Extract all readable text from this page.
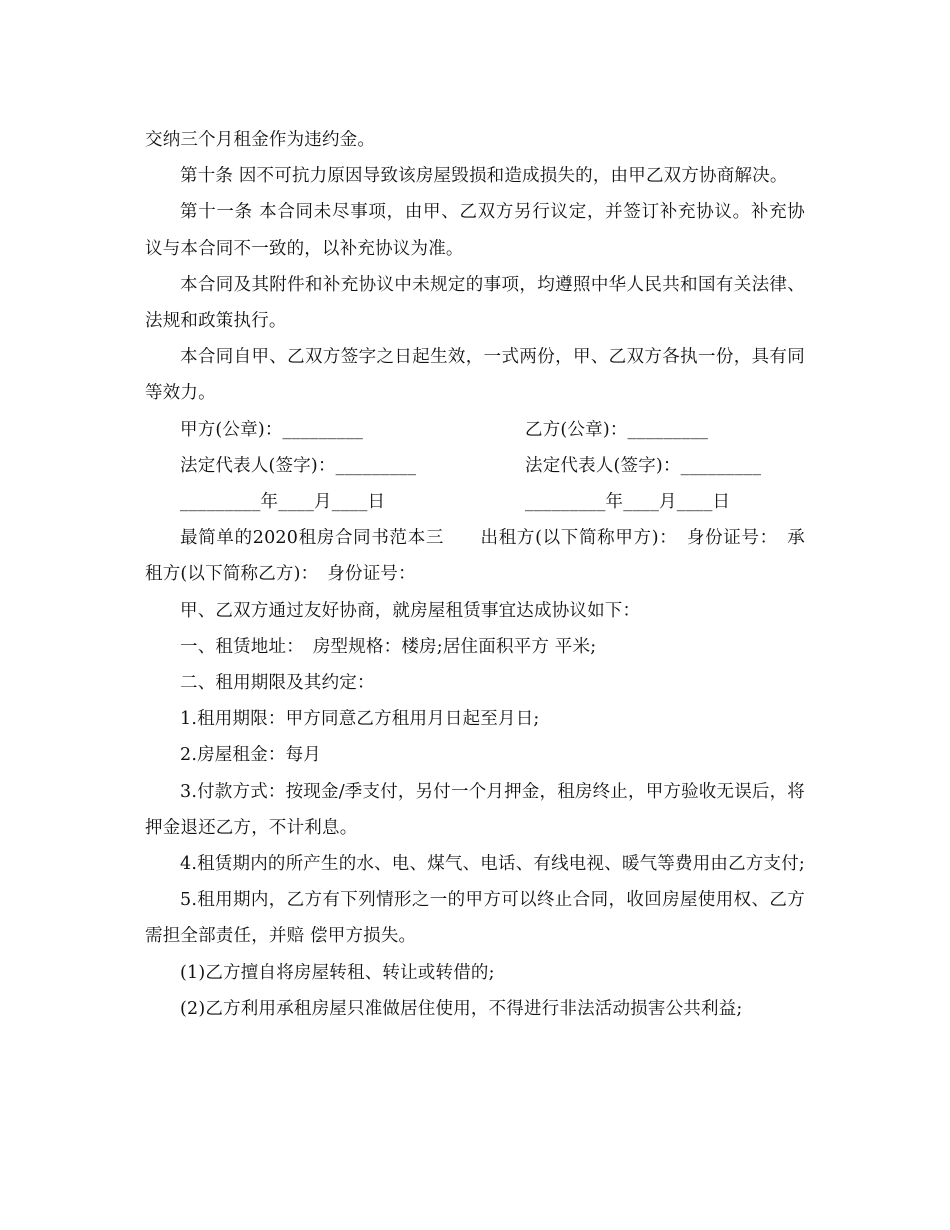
交纳三个月租金作为违约金。

第十条 因不可抗力原因导致该房屋毁损和造成损失的，由甲乙双方协商解决。

第十一条 本合同未尽事项，由甲、乙双方另行议定，并签订补充协议。补充协议与本合同不一致的，以补充协议为准。

本合同及其附件和补充协议中未规定的事项，均遵照中华人民共和国有关法律、法规和政策执行。

本合同自甲、乙双方签字之日起生效，一式两份，甲、乙双方各执一份，具有同等效力。

甲方(公章)：_________	乙方(公章)：_________
法定代表人(签字)：_________	法定代表人(签字)：_________
_________年____月____日	_________年____月____日

最简单的2020租房合同书范本三　　出租方(以下简称甲方)：　身份证号：　承租方(以下简称乙方)：　身份证号：

甲、乙双方通过友好协商，就房屋租赁事宜达成协议如下：

一、租赁地址：　房型规格：楼房;居住面积平方 平米;

二、租用期限及其约定：

1.租用期限：甲方同意乙方租用月日起至月日;

2.房屋租金：每月

3.付款方式：按现金/季支付，另付一个月押金，租房终止，甲方验收无误后，将押金退还乙方，不计利息。

4.租赁期内的所产生的水、电、煤气、电话、有线电视、暖气等费用由乙方支付;

5.租用期内，乙方有下列情形之一的甲方可以终止合同，收回房屋使用权、乙方需担全部责任，并赔 偿甲方损失。

(1)乙方擅自将房屋转租、转让或转借的;

(2)乙方利用承租房屋只准做居住使用，不得进行非法活动损害公共利益;
